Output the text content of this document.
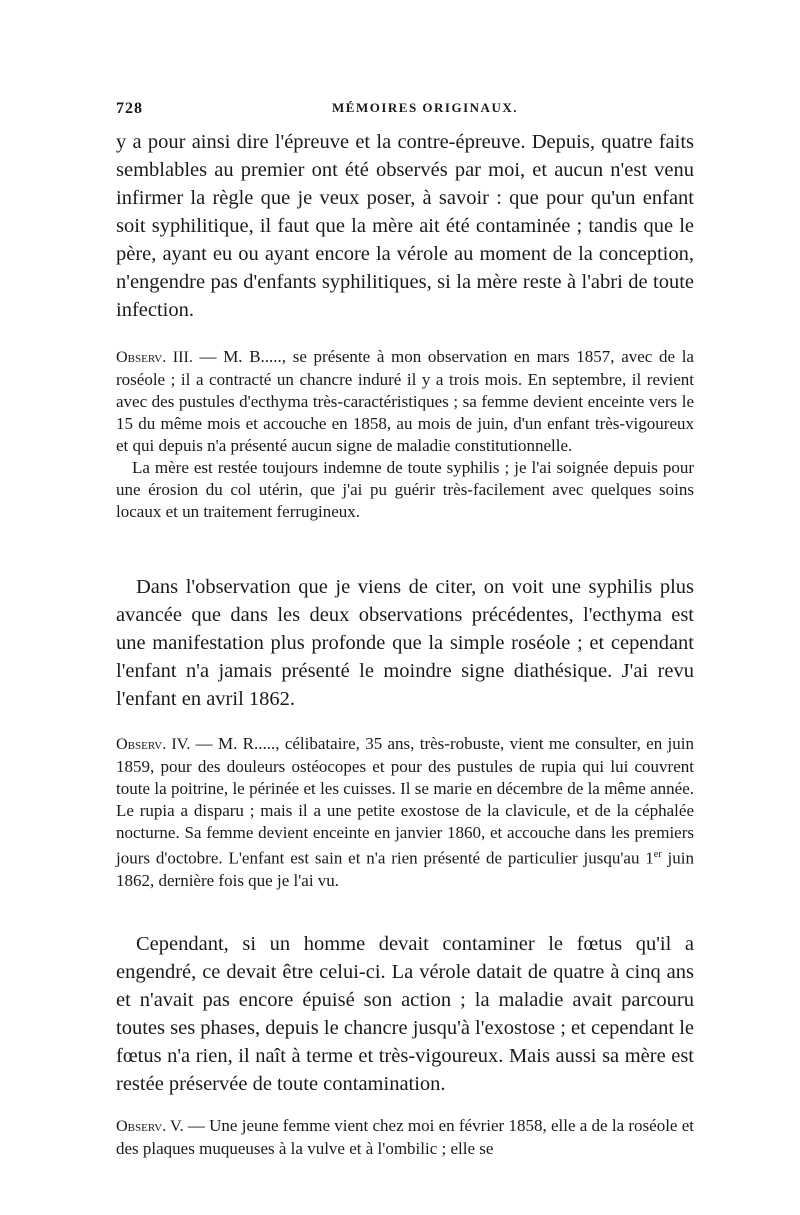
728	MÉMOIRES ORIGINAUX.

y a pour ainsi dire l'épreuve et la contre-épreuve. Depuis, quatre faits semblables au premier ont été observés par moi, et aucun n'est venu infirmer la règle que je veux poser, à savoir : que pour qu'un enfant soit syphilitique, il faut que la mère ait été contaminée ; tandis que le père, ayant eu ou ayant encore la vérole au moment de la conception, n'engendre pas d'enfants syphilitiques, si la mère reste à l'abri de toute infection.

Observ. III. — M. B....., se présente à mon observation en mars 1857, avec de la roséole ; il a contracté un chancre induré il y a trois mois. En septembre, il revient avec des pustules d'ecthyma très-caractéristiques ; sa femme devient enceinte vers le 15 du même mois et accouche en 1858, au mois de juin, d'un enfant très-vigoureux et qui depuis n'a présenté aucun signe de maladie constitutionnelle.

La mère est restée toujours indemne de toute syphilis ; je l'ai soignée depuis pour une érosion du col utérin, que j'ai pu guérir très-facilement avec quelques soins locaux et un traitement ferrugineux.

Dans l'observation que je viens de citer, on voit une syphilis plus avancée que dans les deux observations précédentes, l'ecthyma est une manifestation plus profonde que la simple roséole ; et cependant l'enfant n'a jamais présenté le moindre signe diathésique. J'ai revu l'enfant en avril 1862.

Observ. IV. — M. R....., célibataire, 35 ans, très-robuste, vient me consulter, en juin 1859, pour des douleurs ostéocopes et pour des pustules de rupia qui lui couvrent toute la poitrine, le périnée et les cuisses. Il se marie en décembre de la même année. Le rupia a disparu ; mais il a une petite exostose de la clavicule, et de la céphalée nocturne. Sa femme devient enceinte en janvier 1860, et accouche dans les premiers jours d'octobre. L'enfant est sain et n'a rien présenté de particulier jusqu'au 1er juin 1862, dernière fois que je l'ai vu.

Cependant, si un homme devait contaminer le fœtus qu'il a engendré, ce devait être celui-ci. La vérole datait de quatre à cinq ans et n'avait pas encore épuisé son action ; la maladie avait parcouru toutes ses phases, depuis le chancre jusqu'à l'exostose ; et cependant le fœtus n'a rien, il naît à terme et très-vigoureux. Mais aussi sa mère est restée préservée de toute contamination.

Observ. V. — Une jeune femme vient chez moi en février 1858, elle a de la roséole et des plaques muqueuses à la vulve et à l'ombilic ; elle se
